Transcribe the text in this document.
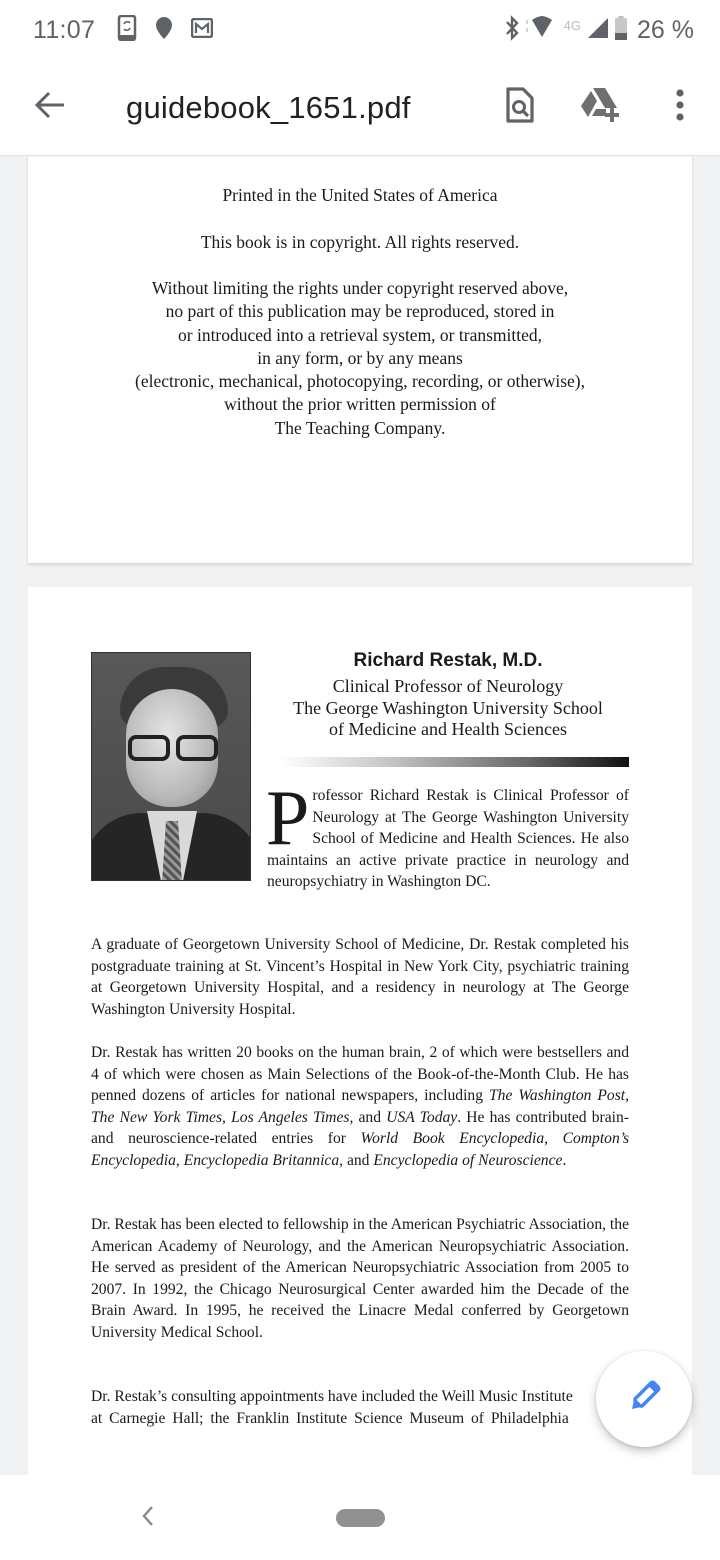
11:07	4G 26 %
guidebook_1651.pdf
Printed in the United States of America
This book is in copyright. All rights reserved.
Without limiting the rights under copyright reserved above,
no part of this publication may be reproduced, stored in
or introduced into a retrieval system, or transmitted,
in any form, or by any means
(electronic, mechanical, photocopying, recording, or otherwise),
without the prior written permission of
The Teaching Company.
Richard Restak, M.D.
Clinical Professor of Neurology
The George Washington University School
of Medicine and Health Sciences
Professor Richard Restak is Clinical Professor of Neurology at The George Washington University School of Medicine and Health Sciences. He also maintains an active private practice in neurology and neuropsychiatry in Washington DC.
A graduate of Georgetown University School of Medicine, Dr. Restak completed his postgraduate training at St. Vincent’s Hospital in New York City, psychiatric training at Georgetown University Hospital, and a residency in neurology at The George Washington University Hospital.
Dr. Restak has written 20 books on the human brain, 2 of which were bestsellers and 4 of which were chosen as Main Selections of the Book-of-the-Month Club. He has penned dozens of articles for national newspapers, including The Washington Post, The New York Times, Los Angeles Times, and USA Today. He has contributed brain- and neuroscience-related entries for World Book Encyclopedia, Compton’s Encyclopedia, Encyclopedia Britannica, and Encyclopedia of Neuroscience.
Dr. Restak has been elected to fellowship in the American Psychiatric Association, the American Academy of Neurology, and the American Neuropsychiatric Association. He served as president of the American Neuropsychiatric Association from 2005 to 2007. In 1992, the Chicago Neurosurgical Center awarded him the Decade of the Brain Award. In 1995, he received the Linacre Medal conferred by Georgetown University Medical School.
Dr. Restak’s consulting appointments have included the Weill Music Institute
at Carnegie Hall; the Franklin Institute Science Museum of Philadelphia
